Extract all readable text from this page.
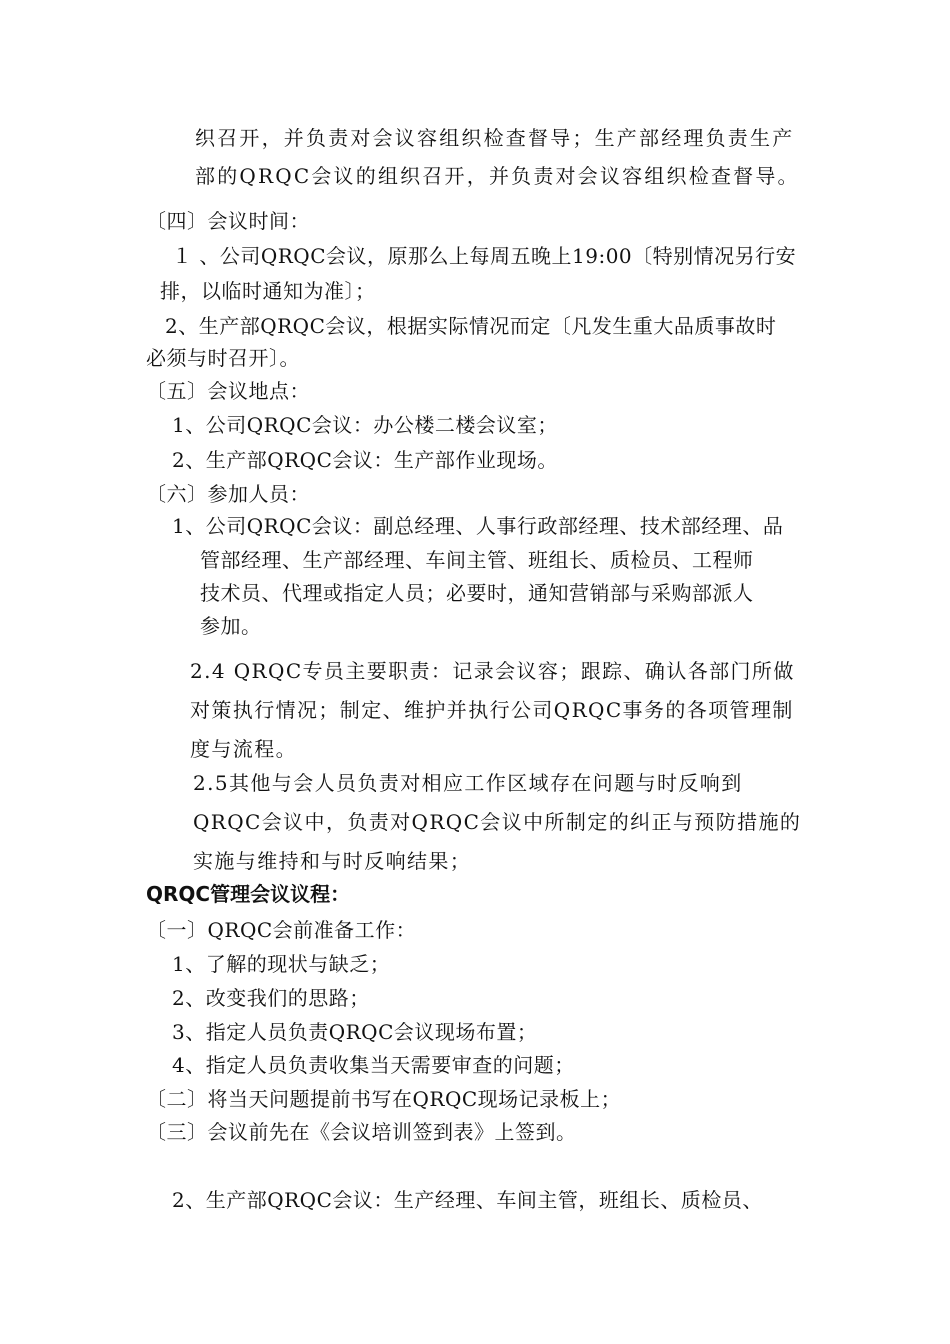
织召开，并负责对会议容组织检查督导；生产部经理负责生产

部的QRQC会议的组织召开，并负责对会议容组织检查督导。

〔四〕会议时间：

１ 、公司QRQC会议，原那么上每周五晚上19:00〔特别情况另行安

排，以临时通知为准〕；

2、生产部QRQC会议，根据实际情况而定〔凡发生重大品质事故时

必须与时召开〕。

〔五〕会议地点：

1、公司QRQC会议：办公楼二楼会议室；

2、生产部QRQC会议：生产部作业现场。

〔六〕参加人员：

1、公司QRQC会议：副总经理、人事行政部经理、技术部经理、品

管部经理、生产部经理、车间主管、班组长、质检员、工程师

技术员、代理或指定人员；必要时，通知营销部与采购部派人

参加。

2.4 QRQC专员主要职责：记录会议容；跟踪、确认各部门所做

对策执行情况；制定、维护并执行公司QRQC事务的各项管理制

度与流程。

2.5其他与会人员负责对相应工作区域存在问题与时反响到

QRQC会议中，负责对QRQC会议中所制定的纠正与预防措施的

实施与维持和与时反响结果；

QRQC管理会议议程：

〔一〕QRQC会前准备工作：

1、了解的现状与缺乏；

2、改变我们的思路；

3、指定人员负责QRQC会议现场布置；

4、指定人员负责收集当天需要审查的问题；

〔二〕将当天问题提前书写在QRQC现场记录板上；

〔三〕会议前先在《会议培训签到表》上签到。

2、生产部QRQC会议：生产经理、车间主管，班组长、质检员、
